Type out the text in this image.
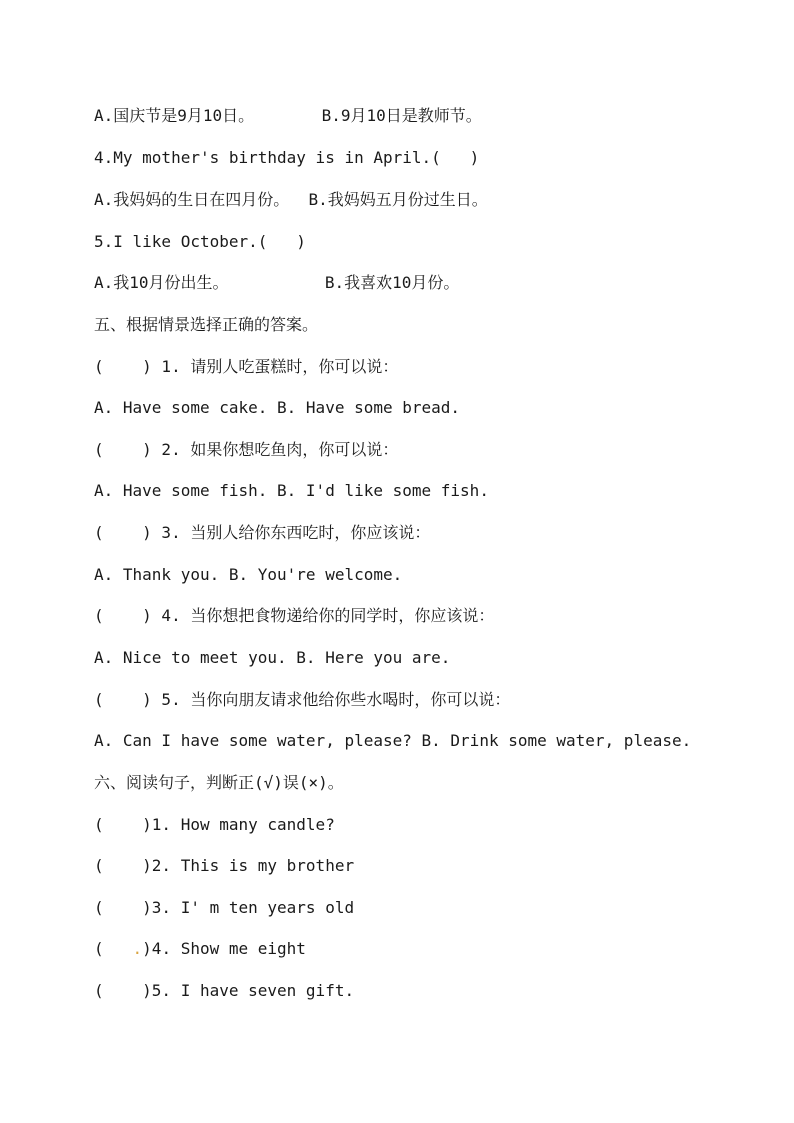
A.国庆节是9月10日。       B.9月10日是教师节。
4.My mother's birthday is in April.(   )
A.我妈妈的生日在四月份。  B.我妈妈五月份过生日。
5.I like October.(   )
A.我10月份出生。          B.我喜欢10月份。
五、根据情景选择正确的答案。
(    ) 1. 请别人吃蛋糕时，你可以说：
A. Have some cake. B. Have some bread.
(    ) 2. 如果你想吃鱼肉，你可以说：
A. Have some fish. B. I'd like some fish.
(    ) 3. 当别人给你东西吃时，你应该说：
A. Thank you. B. You're welcome.
(    ) 4. 当你想把食物递给你的同学时，你应该说：
A. Nice to meet you. B. Here you are.
(    ) 5. 当你向朋友请求他给你些水喝时，你可以说：
A. Can I have some water, please? B. Drink some water, please.
六、阅读句子，判断正(√)误(×)。
(    )1. How many candle?
(    )2. This is my brother
(    )3. I' m ten years old
(   .)4. Show me eight
(    )5. I have seven gift.
